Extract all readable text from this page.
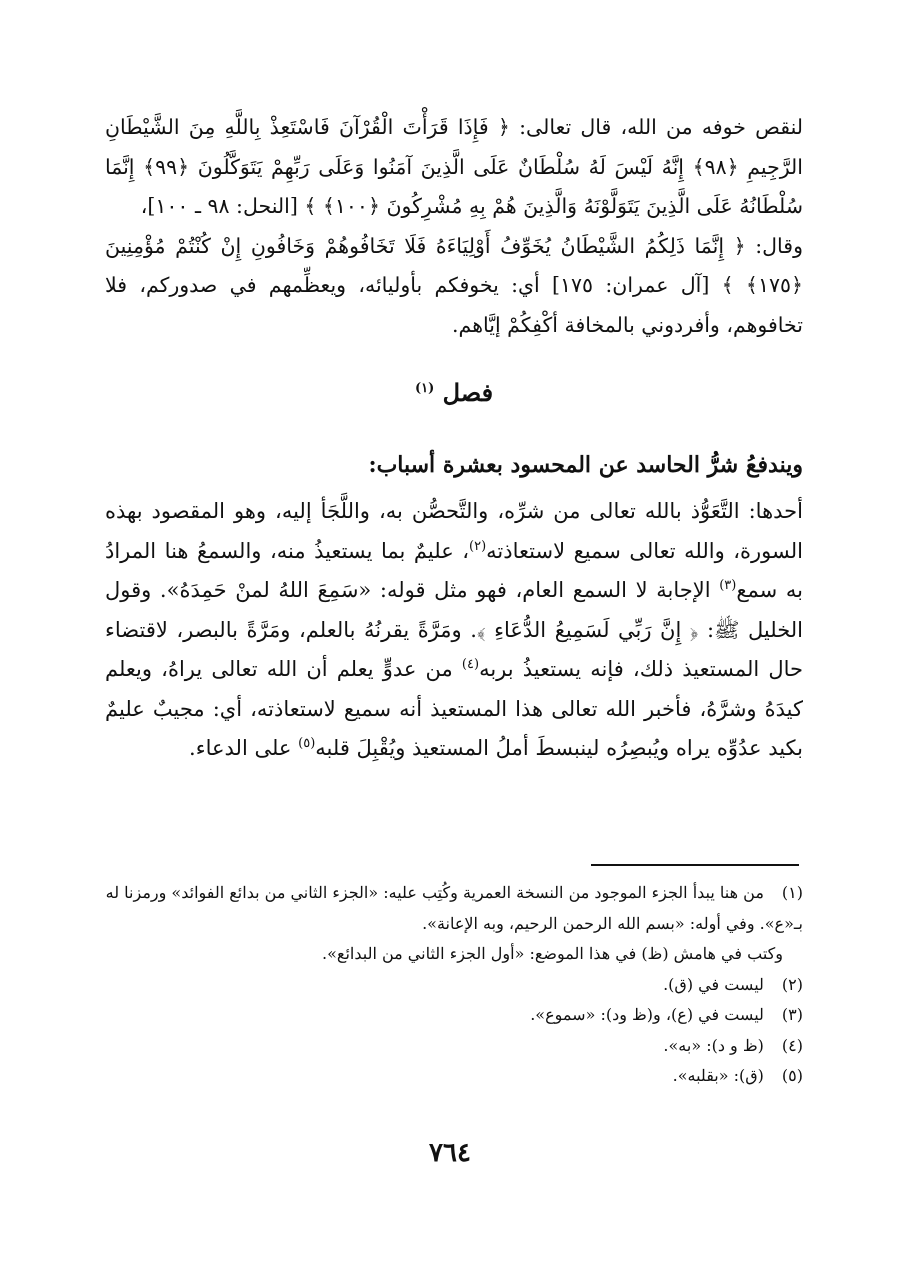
لنقص خوفه من الله، قال تعالى: ﴿ فَإِذَا قَرَأْتَ الْقُرْآنَ فَاسْتَعِذْ بِاللَّهِ مِنَ الشَّيْطَانِ الرَّجِيمِ ﴿٩٨﴾ إِنَّهُ لَيْسَ لَهُ سُلْطَانٌ عَلَى الَّذِينَ آمَنُوا وَعَلَى رَبِّهِمْ يَتَوَكَّلُونَ ﴿٩٩﴾ إِنَّمَا سُلْطَانُهُ عَلَى الَّذِينَ يَتَوَلَّوْنَهُ وَالَّذِينَ هُمْ بِهِ مُشْرِكُونَ ﴿١٠٠﴾ ﴾ [النحل: ٩٨ ـ ١٠٠]،

وقال: ﴿ إِنَّمَا ذَلِكُمُ الشَّيْطَانُ يُخَوِّفُ أَوْلِيَاءَهُ فَلَا تَخَافُوهُمْ وَخَافُونِ إِنْ كُنْتُمْ مُؤْمِنِينَ ﴿١٧٥﴾ ﴾ [آل عمران: ١٧٥] أي: يخوفكم بأوليائه، ويعظِّمهم في صدوركم، فلا تخافوهم، وأفردوني بالمخافة أكْفِكُمْ إيَّاهم.

فصل $^{(١)}$

ويندفعُ شرُّ الحاسد عن المحسود بعشرة أسباب:

أحدها: التَّعَوُّذ بالله تعالى من شرِّه، والتَّحصُّن به، واللَّجَأ إليه، وهو المقصود بهذه السورة، والله تعالى سميع لاستعاذته$^{(٢)}$، عليمٌ بما يستعيذُ منه، والسمعُ هنا المرادُ به سمع$^{(٣)}$ الإجابة لا السمع العام، فهو مثل قوله: «سَمِعَ اللهُ لمنْ حَمِدَهُ». وقول الخليل ﷺ: ﴿ إِنَّ رَبِّي لَسَمِيعُ الدُّعَاءِ ﴾. ومَرَّةً يقرنُهُ بالعلم، ومَرَّةً بالبصر، لاقتضاء حال المستعيذ ذلك، فإنه يستعيذُ بربه$^{(٤)}$ من عدوٍّ يعلم أن الله تعالى يراهُ، ويعلم كيدَهُ وشرَّهُ، فأخبر الله تعالى هذا المستعيذ أنه سميع لاستعاذته، أي: مجيبٌ عليمٌ بكيد عدُوِّه يراه ويُبصِرُه لينبسطَ أملُ المستعيذ ويُقْبِلَ قلبه$^{(٥)}$ على الدعاء.

(١) من هنا يبدأ الجزء الموجود من النسخة العمرية وكُتِب عليه: «الجزء الثاني من بدائع الفوائد» ورمزنا له بـ«ع». وفي أوله: «بسم الله الرحمن الرحيم، وبه الإعانة».

وكتب في هامش (ظ) في هذا الموضع: «أول الجزء الثاني من البدائع».

(٢) ليست في (ق).

(٣) ليست في (ع)، و(ظ ود): «سموع».

(٤) (ظ و د): «به».

(٥) (ق): «بقلبه».

٧٦٤
